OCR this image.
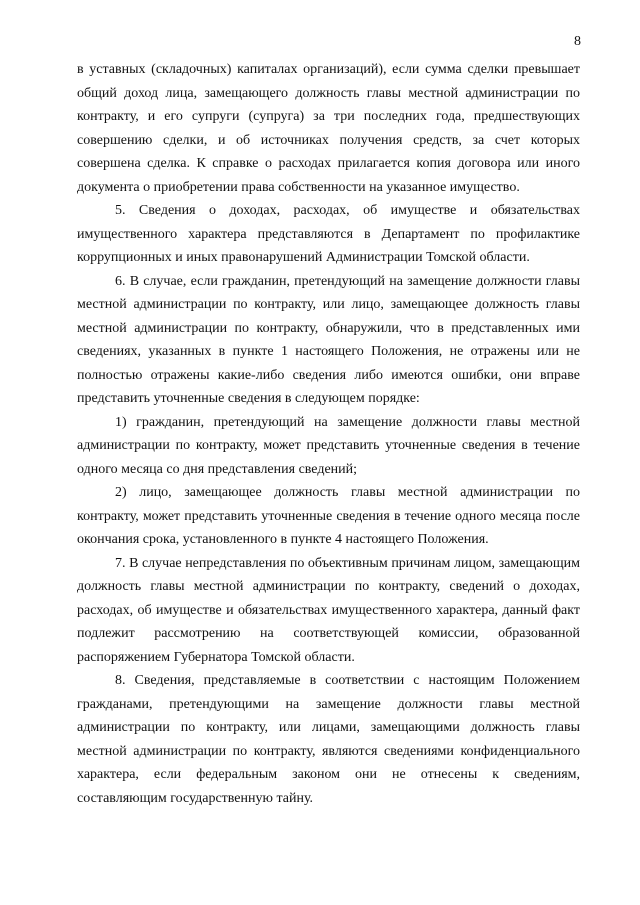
8

в уставных (складочных) капиталах организаций), если сумма сделки превышает общий доход лица, замещающего должность главы местной администрации по контракту, и его супруги (супруга) за три последних года, предшествующих совершению сделки, и об источниках получения средств, за счет которых совершена сделка. К справке о расходах прилагается копия договора или иного документа о приобретении права собственности на указанное имущество.

5. Сведения о доходах, расходах, об имуществе и обязательствах имущественного характера представляются в Департамент по профилактике коррупционных и иных правонарушений Администрации Томской области.

6. В случае, если гражданин, претендующий на замещение должности главы местной администрации по контракту, или лицо, замещающее должность главы местной администрации по контракту, обнаружили, что в представленных ими сведениях, указанных в пункте 1 настоящего Положения, не отражены или не полностью отражены какие-либо сведения либо имеются ошибки, они вправе представить уточненные сведения в следующем порядке:

1) гражданин, претендующий на замещение должности главы местной администрации по контракту, может представить уточненные сведения в течение одного месяца со дня представления сведений;

2) лицо, замещающее должность главы местной администрации по контракту, может представить уточненные сведения в течение одного месяца после окончания срока, установленного в пункте 4 настоящего Положения.

7. В случае непредставления по объективным причинам лицом, замещающим должность главы местной администрации по контракту, сведений о доходах, расходах, об имуществе и обязательствах имущественного характера, данный факт подлежит рассмотрению на соответствующей комиссии, образованной распоряжением Губернатора Томской области.

8. Сведения, представляемые в соответствии с настоящим Положением гражданами, претендующими на замещение должности главы местной администрации по контракту, или лицами, замещающими должность главы местной администрации по контракту, являются сведениями конфиденциального характера, если федеральным законом они не отнесены к сведениям, составляющим государственную тайну.
